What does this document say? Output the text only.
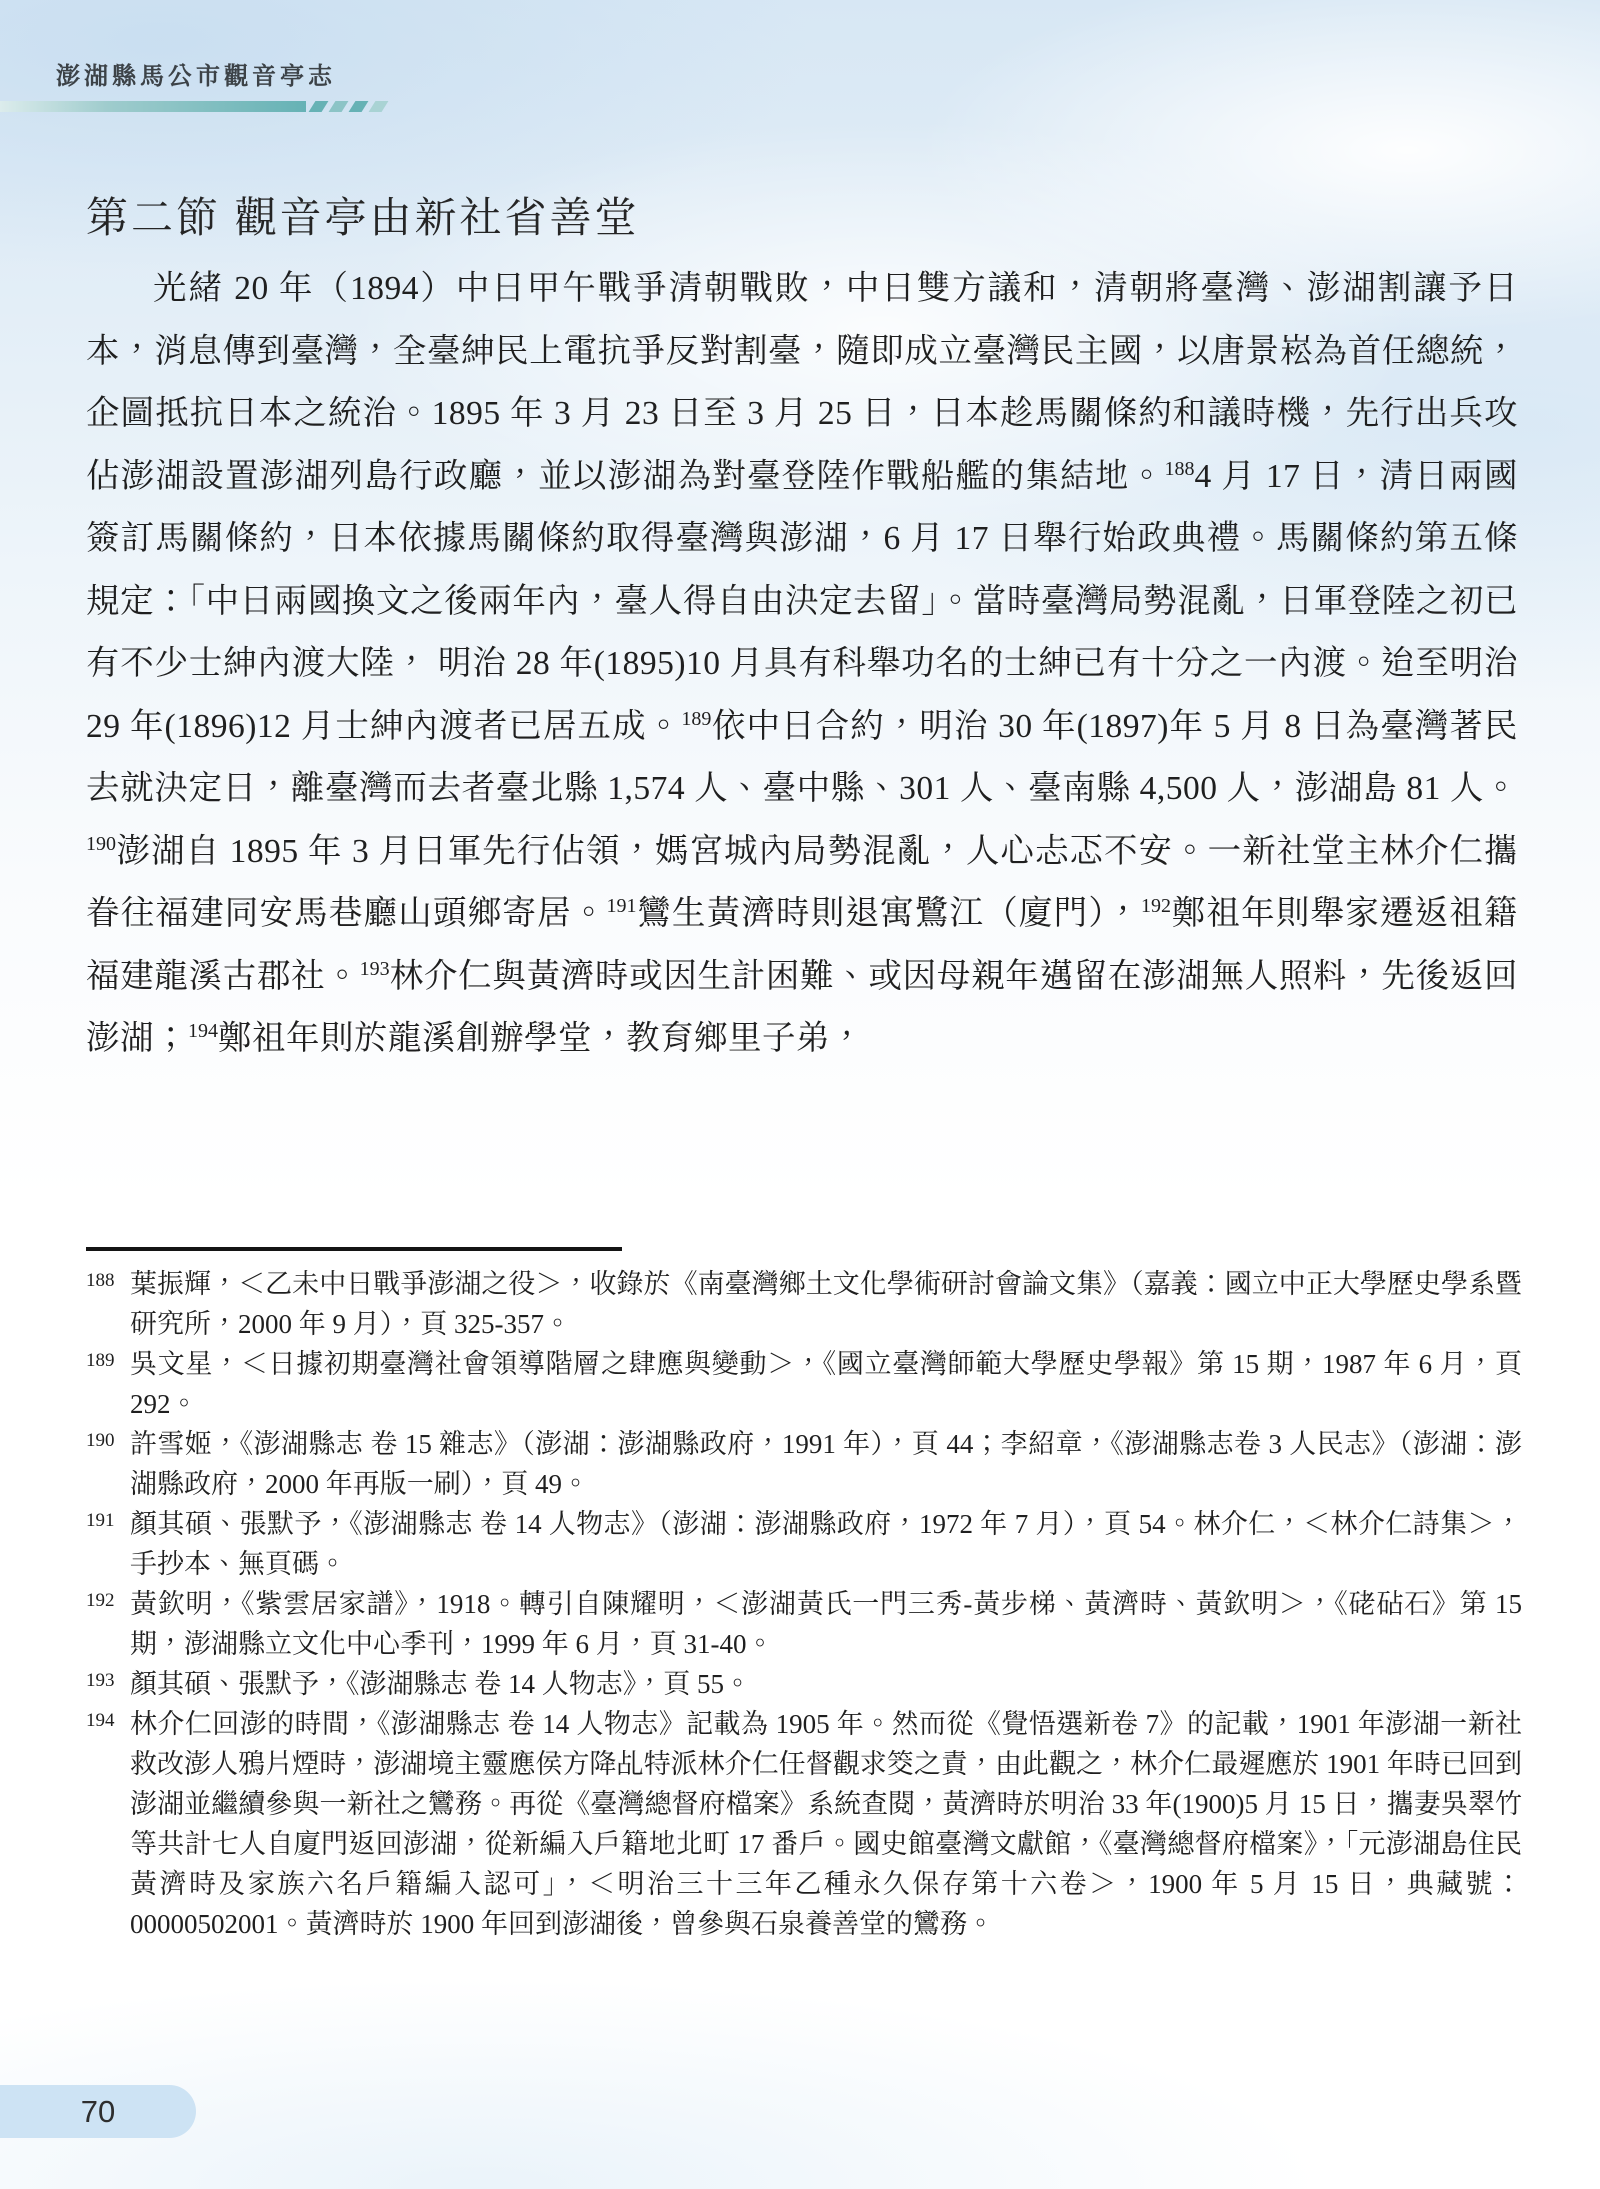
澎湖縣馬公市觀音亭志
第二節 觀音亭由新社省善堂

光緒 20 年（1894）中日甲午戰爭清朝戰敗，中日雙方議和，清朝將臺灣、澎湖割讓予日本，消息傳到臺灣，全臺紳民上電抗爭反對割臺，隨即成立臺灣民主國，以唐景崧為首任總統，企圖抵抗日本之統治。1895 年 3 月 23 日至 3 月 25 日，日本趁馬關條約和議時機，先行出兵攻佔澎湖設置澎湖列島行政廳，並以澎湖為對臺登陸作戰船艦的集結地。$^{188}$4 月 17 日，清日兩國簽訂馬關條約，日本依據馬關條約取得臺灣與澎湖，6 月 17 日舉行始政典禮。馬關條約第五條規定：「中日兩國換文之後兩年內，臺人得自由決定去留」。當時臺灣局勢混亂，日軍登陸之初已有不少士紳內渡大陸， 明治 28 年(1895)10 月具有科舉功名的士紳已有十分之一內渡。迨至明治 29 年(1896)12 月士紳內渡者已居五成。$^{189}$依中日合約，明治 30 年(1897)年 5 月 8 日為臺灣著民去就決定日，離臺灣而去者臺北縣 1,574 人、臺中縣、301 人、臺南縣 4,500 人，澎湖島 81 人。$^{190}$澎湖自 1895 年 3 月日軍先行佔領，媽宮城內局勢混亂，人心忐忑不安。一新社堂主林介仁攜眷往福建同安馬巷廳山頭鄉寄居。$^{191}$鸞生黃濟時則退寓鷺江（廈門），$^{192}$鄭祖年則舉家遷返祖籍福建龍溪古郡社。$^{193}$林介仁與黃濟時或因生計困難、或因母親年邁留在澎湖無人照料，先後返回澎湖；$^{194}$鄭祖年則於龍溪創辦學堂，教育鄉里子弟，

188 葉振輝，＜乙未中日戰爭澎湖之役＞，收錄於《南臺灣鄉土文化學術研討會論文集》（嘉義：國立中正大學歷史學系暨研究所，2000 年 9 月），頁 325-357。
189 吳文星，＜日據初期臺灣社會領導階層之肆應與變動＞，《國立臺灣師範大學歷史學報》第 15 期，1987 年 6 月，頁 292。
190 許雪姬，《澎湖縣志 卷 15 雜志》（澎湖：澎湖縣政府，1991 年），頁 44；李紹章，《澎湖縣志卷 3 人民志》（澎湖：澎湖縣政府，2000 年再版一刷），頁 49。
191 顏其碩、張默予，《澎湖縣志 卷 14 人物志》（澎湖：澎湖縣政府，1972 年 7 月），頁 54。林介仁，＜林介仁詩集＞，手抄本、無頁碼。
192 黃欽明，《紫雲居家譜》，1918。轉引自陳耀明，＜澎湖黃氏一門三秀-黃步梯、黃濟時、黃欽明＞，《硓砧石》第 15 期，澎湖縣立文化中心季刊，1999 年 6 月，頁 31-40。
193 顏其碩、張默予，《澎湖縣志 卷 14 人物志》，頁 55。
194 林介仁回澎的時間，《澎湖縣志 卷 14 人物志》記載為 1905 年。然而從《覺悟選新卷 7》的記載，1901 年澎湖一新社救改澎人鴉片煙時，澎湖境主靈應侯方降乩特派林介仁任督觀求筊之責，由此觀之，林介仁最遲應於 1901 年時已回到澎湖並繼續參與一新社之鸞務。再從《臺灣總督府檔案》系統查閱，黃濟時於明治 33 年(1900)5 月 15 日，攜妻吳翠竹等共計七人自廈門返回澎湖，從新編入戶籍地北町 17 番戶。國史館臺灣文獻館，《臺灣總督府檔案》，「元澎湖島住民黃濟時及家族六名戶籍編入認可」，＜明治三十三年乙種永久保存第十六卷＞，1900 年 5 月 15 日，典藏號：00000502001。黃濟時於 1900 年回到澎湖後，曾參與石泉養善堂的鸞務。
70
